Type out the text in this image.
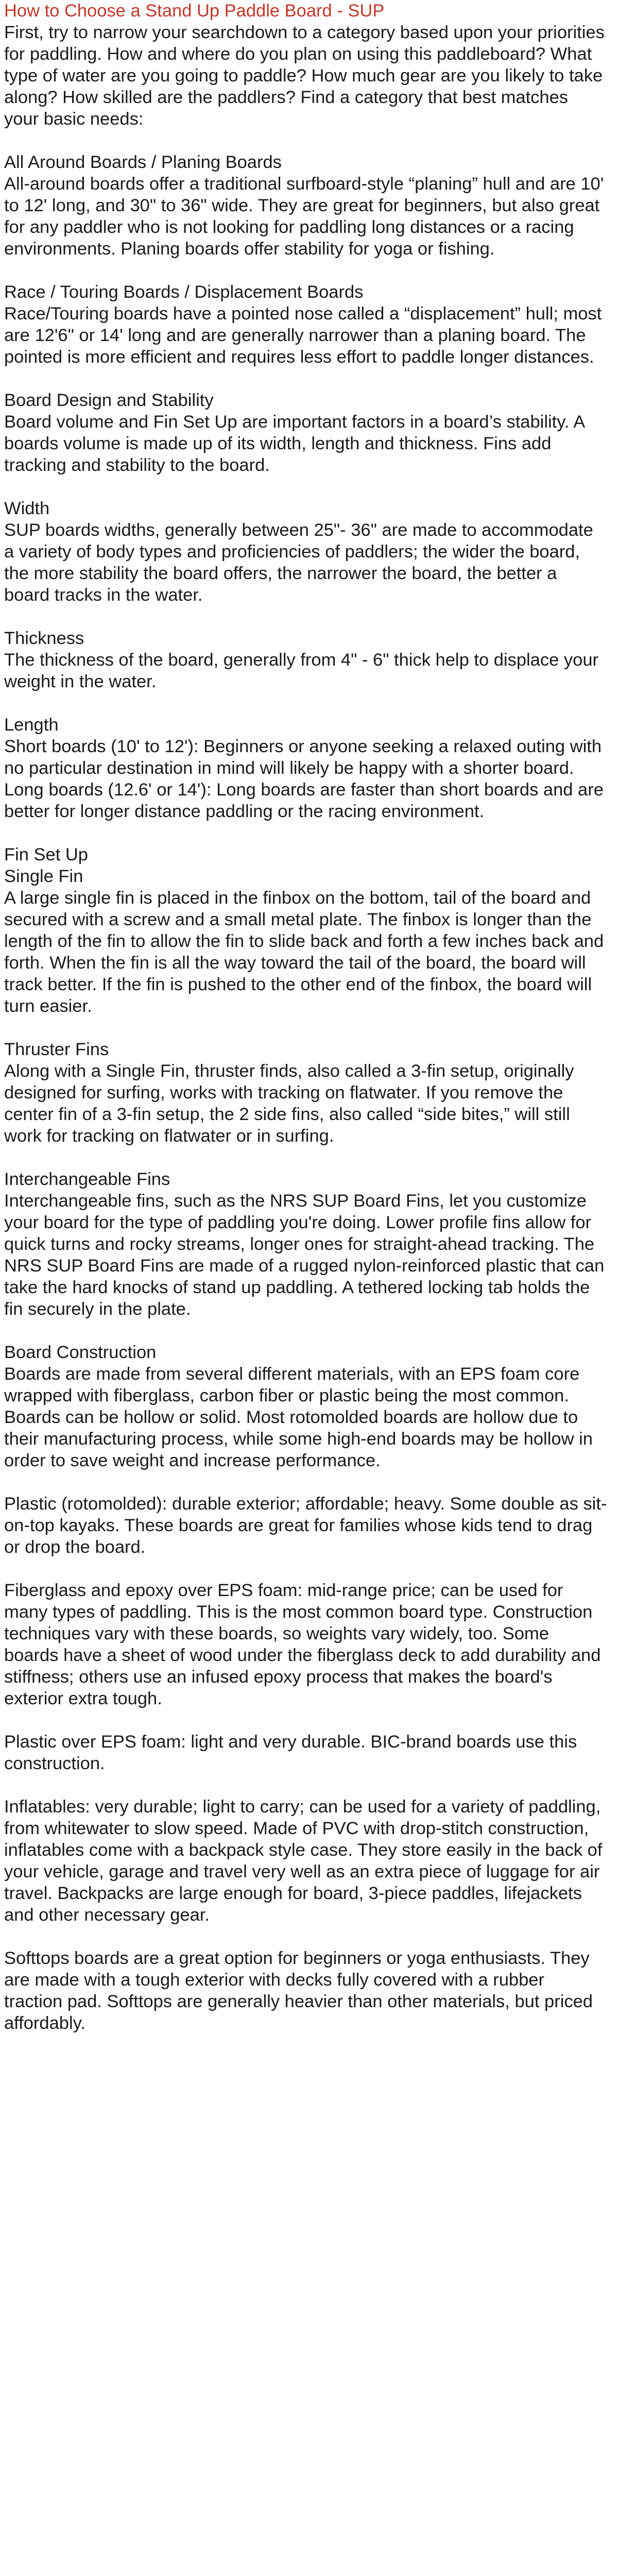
How to Choose a Stand Up Paddle Board - SUP

First, try to narrow your searchdown to a category based upon your priorities for paddling. How and where do you plan on using this paddleboard? What type of water are you going to paddle? How much gear are you likely to take along? How skilled are the paddlers? Find a category that best matches your basic needs:

All Around Boards / Planing Boards
All-around boards offer a traditional surfboard-style “planing” hull and are 10' to 12' long, and 30" to 36" wide. They are great for beginners, but also great for any paddler who is not looking for paddling long distances or a racing environments. Planing boards offer stability for yoga or fishing.
Race / Touring Boards / Displacement Boards
Race/Touring boards have a pointed nose called a “displacement” hull; most are 12'6" or 14' long and are generally narrower than a planing board. The pointed is more efficient and requires less effort to paddle longer distances.
Board Design and Stability
Board volume and Fin Set Up are important factors in a board’s stability. A boards volume is made up of its width, length and thickness. Fins add tracking and stability to the board.
Width
SUP boards widths, generally between 25"- 36" are made to accommodate a variety of body types and proficiencies of paddlers; the wider the board, the more stability the board offers, the narrower the board, the better a board tracks in the water.
Thickness
The thickness of the board, generally from 4" - 6" thick help to displace your weight in the water.
Length
Short boards (10' to 12'): Beginners or anyone seeking a relaxed outing with no particular destination in mind will likely be happy with a shorter board. Long boards (12.6' or 14'): Long boards are faster than short boards and are better for longer distance paddling or the racing environment.
Fin Set Up
Single Fin
A large single fin is placed in the finbox on the bottom, tail of the board and secured with a screw and a small metal plate. The finbox is longer than the length of the fin to allow the fin to slide back and forth a few inches back and forth. When the fin is all the way toward the tail of the board, the board will track better. If the fin is pushed to the other end of the finbox, the board will turn easier.
Thruster Fins
Along with a Single Fin, thruster finds, also called a 3-fin setup, originally designed for surfing, works with tracking on flatwater. If you remove the center fin of a 3-fin setup, the 2 side fins, also called “side bites,” will still work for tracking on flatwater or in surfing.
Interchangeable Fins
Interchangeable fins, such as the NRS SUP Board Fins, let you customize your board for the type of paddling you're doing. Lower profile fins allow for quick turns and rocky streams, longer ones for straight-ahead tracking. The NRS SUP Board Fins are made of a rugged nylon-reinforced plastic that can take the hard knocks of stand up paddling. A tethered locking tab holds the fin securely in the plate.
Board Construction
Boards are made from several different materials, with an EPS foam core wrapped with fiberglass, carbon fiber or plastic being the most common. Boards can be hollow or solid. Most rotomolded boards are hollow due to their manufacturing process, while some high-end boards may be hollow in order to save weight and increase performance.
Plastic (rotomolded): durable exterior; affordable; heavy. Some double as sit-on-top kayaks. These boards are great for families whose kids tend to drag or drop the board.
Fiberglass and epoxy over EPS foam: mid-range price; can be used for many types of paddling. This is the most common board type. Construction techniques vary with these boards, so weights vary widely, too. Some boards have a sheet of wood under the fiberglass deck to add durability and stiffness; others use an infused epoxy process that makes the board's exterior extra tough.
Plastic over EPS foam: light and very durable. BIC-brand boards use this construction.
Inflatables: very durable; light to carry; can be used for a variety of paddling, from whitewater to slow speed. Made of PVC with drop-stitch construction, inflatables come with a backpack style case. They store easily in the back of your vehicle, garage and travel very well as an extra piece of luggage for air travel. Backpacks are large enough for board, 3-piece paddles, lifejackets and other necessary gear.
Softtops boards are a great option for beginners or yoga enthusiasts. They are made with a tough exterior with decks fully covered with a rubber traction pad. Softtops are generally heavier than other materials, but priced affordably.
